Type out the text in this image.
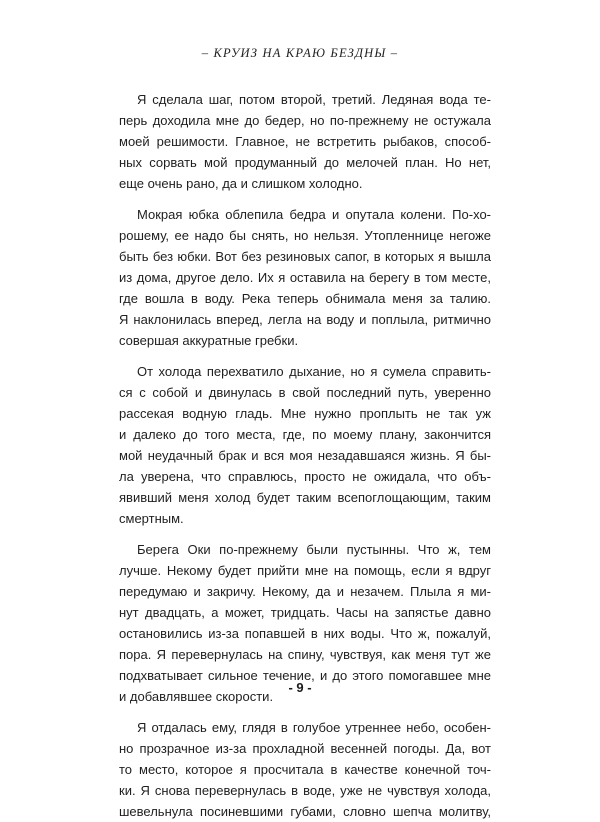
– КРУИЗ НА КРАЮ БЕЗДНЫ –

Я сделала шаг, потом второй, третий. Ледяная вода те-
перь доходила мне до бедер, но по-прежнему не остужала
моей решимости. Главное, не встретить рыбаков, способ-
ных сорвать мой продуманный до мелочей план. Но нет,
еще очень рано, да и слишком холодно.

Мокрая юбка облепила бедра и опутала колени. По-хо-
рошему, ее надо бы снять, но нельзя. Утопленнице негоже
быть без юбки. Вот без резиновых сапог, в которых я вышла
из дома, другое дело. Их я оставила на берегу в том месте,
где вошла в воду. Река теперь обнимала меня за талию.
Я наклонилась вперед, легла на воду и поплыла, ритмично
совершая аккуратные гребки.

От холода перехватило дыхание, но я сумела справить-
ся с собой и двинулась в свой последний путь, уверенно
рассекая водную гладь. Мне нужно проплыть не так уж
и далеко до того места, где, по моему плану, закончится
мой неудачный брак и вся моя незадавшаяся жизнь. Я бы-
ла уверена, что справлюсь, просто не ожидала, что объ-
явивший меня холод будет таким всепоглощающим, таким
смертным.

Берега Оки по-прежнему были пустынны. Что ж, тем
лучше. Некому будет прийти мне на помощь, если я вдруг
передумаю и закричу. Некому, да и незачем. Плыла я ми-
нут двадцать, а может, тридцать. Часы на запястье давно
остановились из-за попавшей в них воды. Что ж, пожалуй,
пора. Я перевернулась на спину, чувствуя, как меня тут же
подхватывает сильное течение, и до этого помогавшее мне
и добавлявшее скорости.

Я отдалась ему, глядя в голубое утреннее небо, особен-
но прозрачное из-за прохладной весенней погоды. Да, вот
то место, которое я просчитала в качестве конечной точ-
ки. Я снова перевернулась в воде, уже не чувствуя холода,
шевельнула посиневшими губами, словно шепча молитву,

- 9 -
